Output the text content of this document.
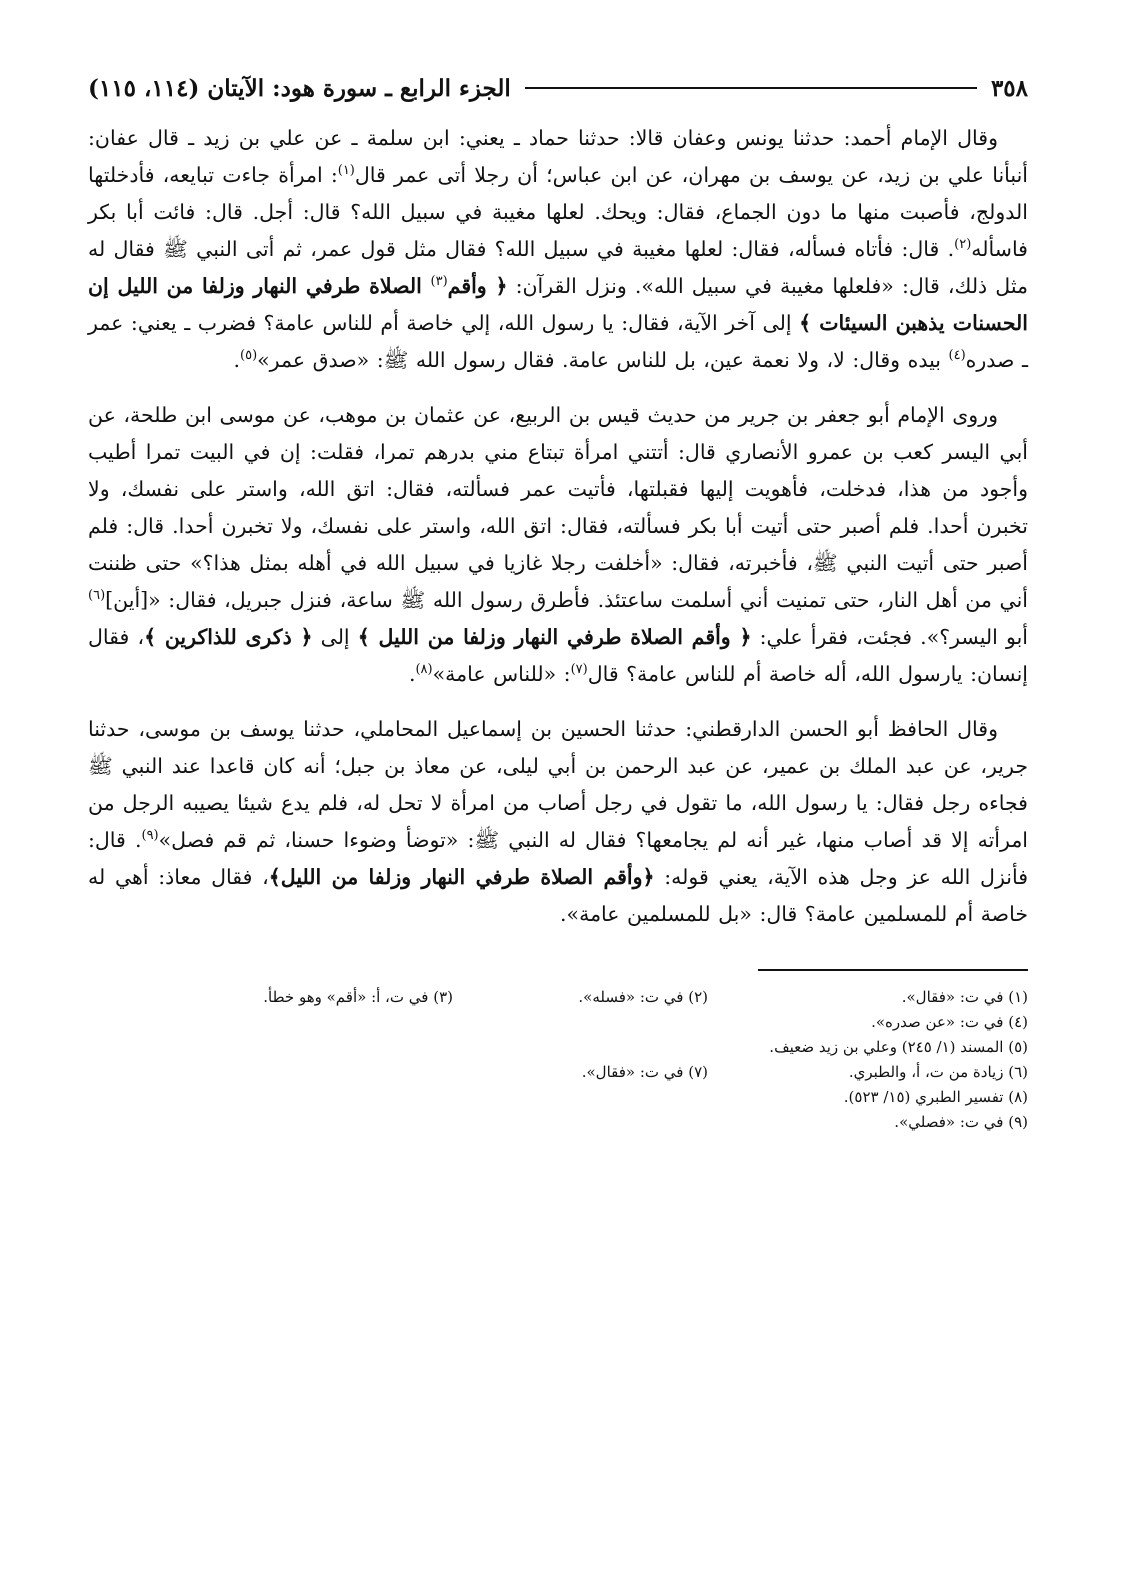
٣٥٨
الجزء الرابع ـ سورة هود: الآيتان (١١٤، ١١٥)

وقال الإمام أحمد: حدثنا يونس وعفان قالا: حدثنا حماد ـ يعني: ابن سلمة ـ عن علي بن زيد ـ قال عفان: أنبأنا علي بن زيد، عن يوسف بن مهران، عن ابن عباس؛ أن رجلا أتى عمر قال$^{(١)}$: امرأة جاءت تبايعه، فأدخلتها الدولج، فأصبت منها ما دون الجماع، فقال: ويحك. لعلها مغيبة في سبيل الله؟ قال: أجل. قال: فائت أبا بكر فاسأله$^{(٢)}$. قال: فأتاه فسأله، فقال: لعلها مغيبة في سبيل الله؟ فقال مثل قول عمر، ثم أتى النبي ﷺ فقال له مثل ذلك، قال: «فلعلها مغيبة في سبيل الله». ونزل القرآن: ﴿ وأقم$^{(٣)}$ الصلاة طرفي النهار وزلفا من الليل إن الحسنات يذهبن السيئات ﴾ إلى آخر الآية، فقال: يا رسول الله، إلي خاصة أم للناس عامة؟ فضرب ـ يعني: عمر ـ صدره$^{(٤)}$ بيده وقال: لا، ولا نعمة عين، بل للناس عامة. فقال رسول الله ﷺ: «صدق عمر»$^{(٥)}$.

وروى الإمام أبو جعفر بن جرير من حديث قيس بن الربيع، عن عثمان بن موهب، عن موسى ابن طلحة، عن أبي اليسر كعب بن عمرو الأنصاري قال: أتتني امرأة تبتاع مني بدرهم تمرا، فقلت: إن في البيت تمرا أطيب وأجود من هذا، فدخلت، فأهويت إليها فقبلتها، فأتيت عمر فسألته، فقال: اتق الله، واستر على نفسك، ولا تخبرن أحدا. فلم أصبر حتى أتيت أبا بكر فسألته، فقال: اتق الله، واستر على نفسك، ولا تخبرن أحدا. قال: فلم أصبر حتى أتيت النبي ﷺ، فأخبرته، فقال: «أخلفت رجلا غازيا في سبيل الله في أهله بمثل هذا؟» حتى ظننت أني من أهل النار، حتى تمنيت أني أسلمت ساعتئذ. فأطرق رسول الله ﷺ ساعة، فنزل جبريل، فقال: «[أين]$^{(٦)}$ أبو اليسر؟». فجئت، فقرأ علي: ﴿ وأقم الصلاة طرفي النهار وزلفا من الليل ﴾ إلى ﴿ ذكرى للذاكرين ﴾، فقال إنسان: يارسول الله، أله خاصة أم للناس عامة؟ قال$^{(٧)}$: «للناس عامة»$^{(٨)}$.

وقال الحافظ أبو الحسن الدارقطني: حدثنا الحسين بن إسماعيل المحاملي، حدثنا يوسف بن موسى، حدثنا جرير، عن عبد الملك بن عمير، عن عبد الرحمن بن أبي ليلى، عن معاذ بن جبل؛ أنه كان قاعدا عند النبي ﷺ فجاءه رجل فقال: يا رسول الله، ما تقول في رجل أصاب من امرأة لا تحل له، فلم يدع شيئا يصيبه الرجل من امرأته إلا قد أصاب منها، غير أنه لم يجامعها؟ فقال له النبي ﷺ: «توضأ وضوءا حسنا، ثم قم فصل»$^{(٩)}$. قال: فأنزل الله عز وجل هذه الآية، يعني قوله: ﴿وأقم الصلاة طرفي النهار وزلفا من الليل﴾، فقال معاذ: أهي له خاصة أم للمسلمين عامة؟ قال: «بل للمسلمين عامة».

(١) في ت: «فقال».
(٢) في ت: «فسله».
(٣) في ت، أ: «أقم» وهو خطأ.
(٤) في ت: «عن صدره».
(٥) المسند (١/ ٢٤٥) وعلي بن زيد ضعيف.
(٦) زيادة من ت، أ، والطبري.
(٧) في ت: «فقال».
(٨) تفسير الطبري (١٥/ ٥٢٣).
(٩) في ت: «فصلي».
